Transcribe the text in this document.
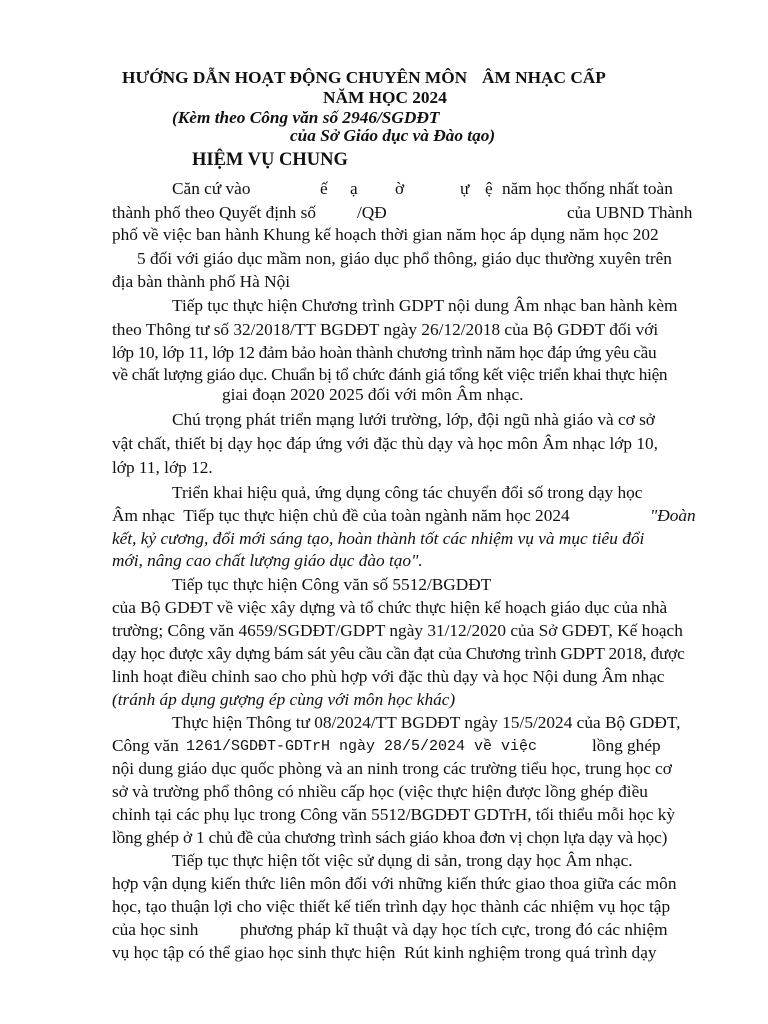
HƯỚNG DẪN HOẠT ĐỘNG CHUYÊN MÔN ÂM NHẠC CẤP
NĂM HỌC 2024
(Kèm theo Công văn số 2946/SGDĐT
của Sở Giáo dục và Đào tạo)
HIỆM VỤ CHUNG
Căn cứ vào	ế ạ ờ	ự ệ năm học thống nhất toàn
thành phố theo Quyết định số /QĐ	của UBND Thành
phố về việc ban hành Khung kế hoạch thời gian năm học áp dụng năm học 202
5 đối với giáo dục mầm non, giáo dục phổ thông, giáo dục thường xuyên trên
địa bàn thành phố Hà Nội
Tiếp tục thực hiện Chương trình GDPT nội dung Âm nhạc ban hành kèm
theo Thông tư số 32/2018/TT BGDĐT ngày 26/12/2018 của Bộ GDĐT đối với
lớp 10, lớp 11, lớp 12 đảm bảo hoàn thành chương trình năm học đáp ứng yêu cầu
về chất lượng giáo dục. Chuẩn bị tổ chức đánh giá tổng kết việc triển khai thực hiện
giai đoạn 2020 2025 đối với môn Âm nhạc.
Chú trọng phát triển mạng lưới trường, lớp, đội ngũ nhà giáo và cơ sở
vật chất, thiết bị dạy học đáp ứng với đặc thù dạy và học môn Âm nhạc lớp 10,
lớp 11, lớp 12.
Triển khai hiệu quả, ứng dụng công tác chuyển đổi số trong dạy học
Âm nhạc  Tiếp tục thực hiện chủ đề của toàn ngành năm học 2024	"Đoàn
kết, kỷ cương, đổi mới sáng tạo, hoàn thành tốt các nhiệm vụ và mục tiêu đổi
mới, nâng cao chất lượng giáo dục đào tạo".
Tiếp tục thực hiện Công văn số 5512/BGDĐT
của Bộ GDĐT về việc xây dựng và tổ chức thực hiện kế hoạch giáo dục của nhà
trường; Công văn 4659/SGDĐT/GDPT ngày 31/12/2020 của Sở GDĐT, Kế hoạch
dạy học được xây dựng bám sát yêu cầu cần đạt của Chương trình GDPT 2018, được
linh hoạt điều chỉnh sao cho phù hợp với đặc thù dạy và học Nội dung Âm nhạc
(tránh áp dụng gượng ép cùng với môn học khác)
Thực hiện Thông tư 08/2024/TT BGDĐT ngày 15/5/2024 của Bộ GDĐT,
Công văn 1261/SGDĐT-GDTrH ngày 28/5/2024 về việc	lồng ghép
nội dung giáo dục quốc phòng và an ninh trong các trường tiểu học, trung học cơ
sở và trường phổ thông có nhiều cấp học (việc thực hiện được lồng ghép điều
chỉnh tại các phụ lục trong Công văn 5512/BGDĐT GDTrH, tối thiểu mỗi học kỳ
lồng ghép ở 1 chủ đề của chương trình sách giáo khoa đơn vị chọn lựa dạy và học)
Tiếp tục thực hiện tốt việc sử dụng di sản, trong dạy học Âm nhạc.
hợp vận dụng kiến thức liên môn đối với những kiến thức giao thoa giữa các môn
học, tạo thuận lợi cho việc thiết kế tiến trình dạy học thành các nhiệm vụ học tập
của học sinh phương pháp kĩ thuật và dạy học tích cực, trong đó các nhiệm
vụ học tập có thể giao học sinh thực hiện  Rút kinh nghiệm trong quá trình dạy
